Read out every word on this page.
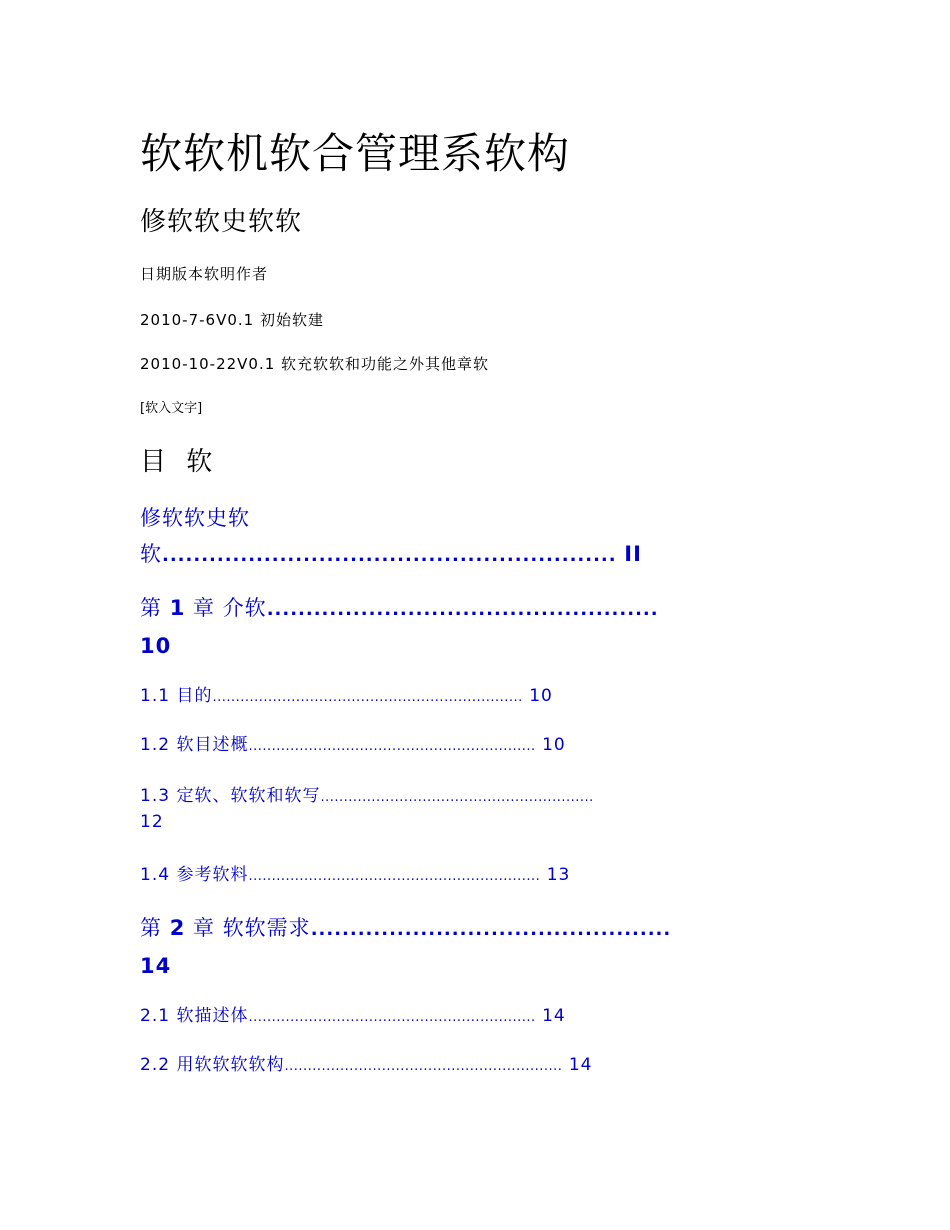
软软机软合管理系软构
修软软史软软
日期版本软明作者
2010-7-6V0.1 初始软建
2010-10-22V0.1 软充软软和功能之外其他章软
[软入文字]
目 软
修软软史软
软.......................................................... II
第 1 章 介软..................................................
10
1.1 目的................................................................... 10
1.2 软目述概.............................................................. 10
1.3 定软、软软和软写...........................................................
12
1.4 参考软料............................................................... 13
第 2 章 软软需求..............................................
14
2.1 软描述体.............................................................. 14
2.2 用软软软软构............................................................ 14
